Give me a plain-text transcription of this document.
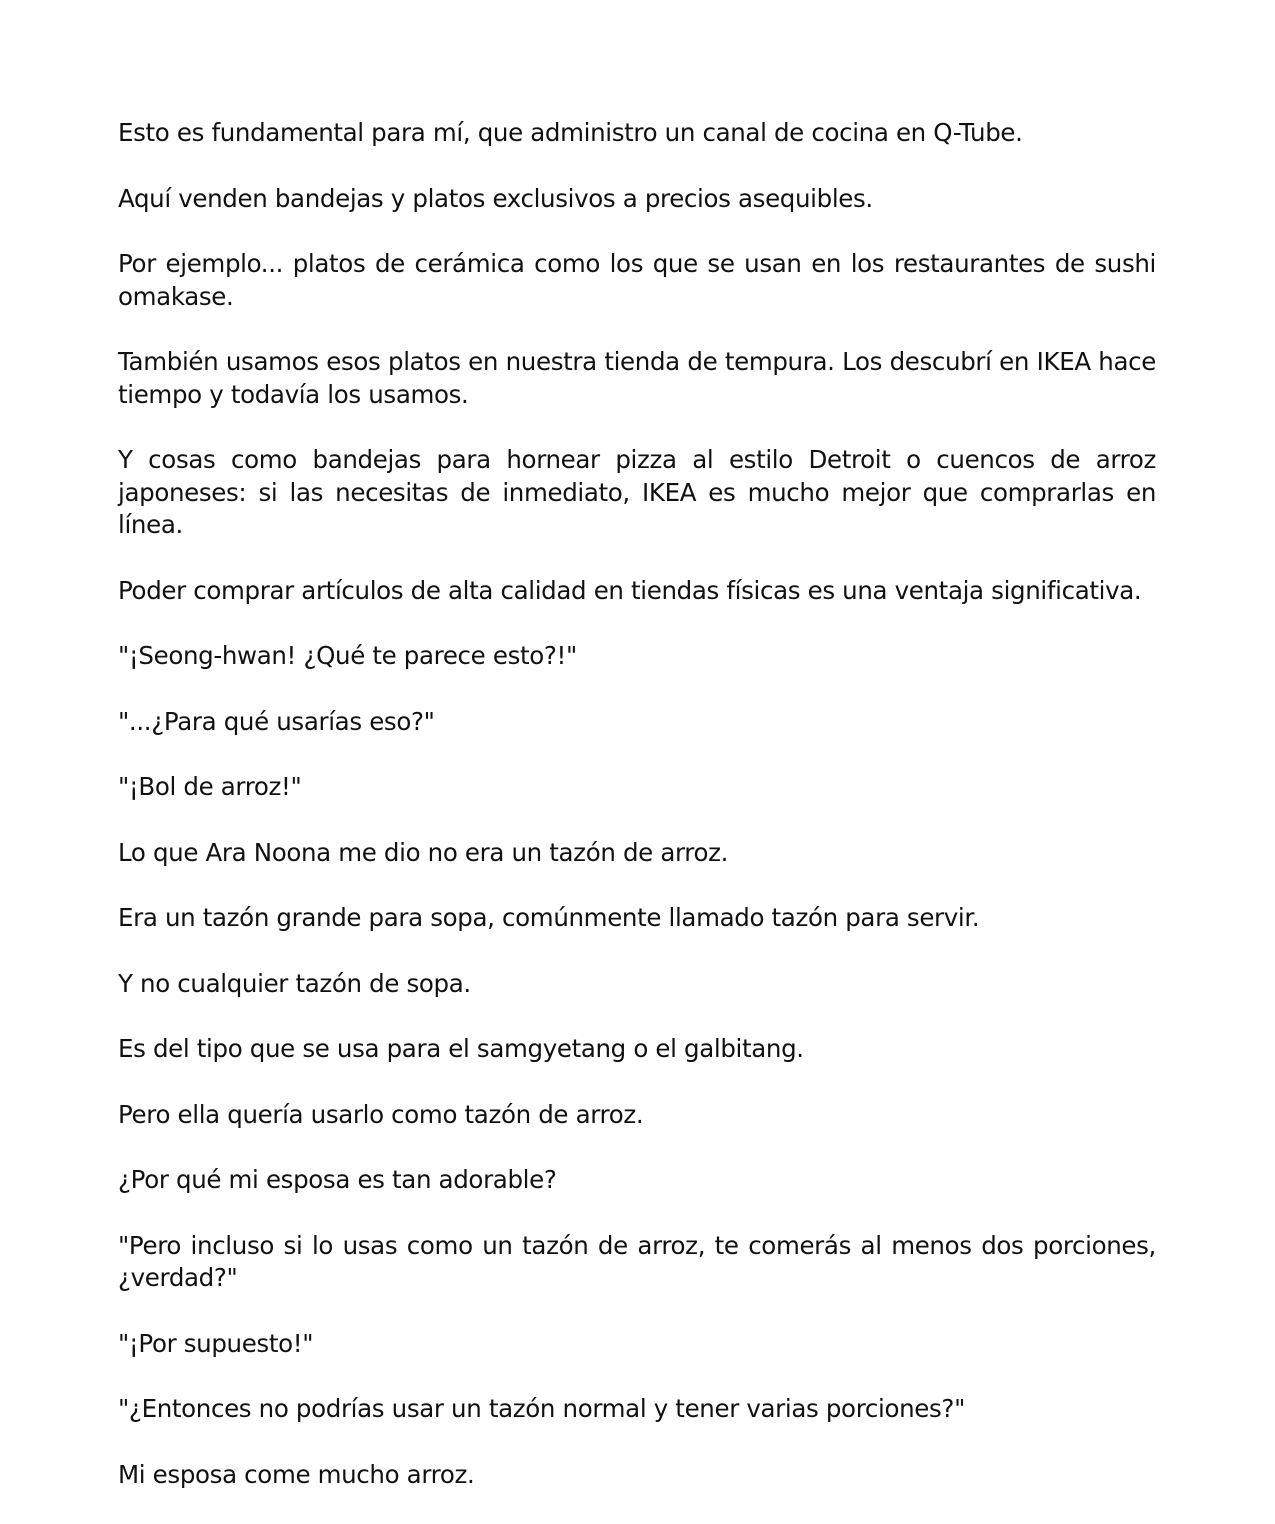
Esto es fundamental para mí, que administro un canal de cocina en Q-Tube.

Aquí venden bandejas y platos exclusivos a precios asequibles.

Por ejemplo... platos de cerámica como los que se usan en los restaurantes de sushi omakase.

También usamos esos platos en nuestra tienda de tempura. Los descubrí en IKEA hace tiempo y todavía los usamos.

Y cosas como bandejas para hornear pizza al estilo Detroit o cuencos de arroz japoneses: si las necesitas de inmediato, IKEA es mucho mejor que comprarlas en línea.

Poder comprar artículos de alta calidad en tiendas físicas es una ventaja significativa.

"¡Seong-hwan! ¿Qué te parece esto?!"

"...¿Para qué usarías eso?"

"¡Bol de arroz!"

Lo que Ara Noona me dio no era un tazón de arroz.

Era un tazón grande para sopa, comúnmente llamado tazón para servir.

Y no cualquier tazón de sopa.

Es del tipo que se usa para el samgyetang o el galbitang.

Pero ella quería usarlo como tazón de arroz.

¿Por qué mi esposa es tan adorable?

"Pero incluso si lo usas como un tazón de arroz, te comerás al menos dos porciones, ¿verdad?"

"¡Por supuesto!"

"¿Entonces no podrías usar un tazón normal y tener varias porciones?"

Mi esposa come mucho arroz.
